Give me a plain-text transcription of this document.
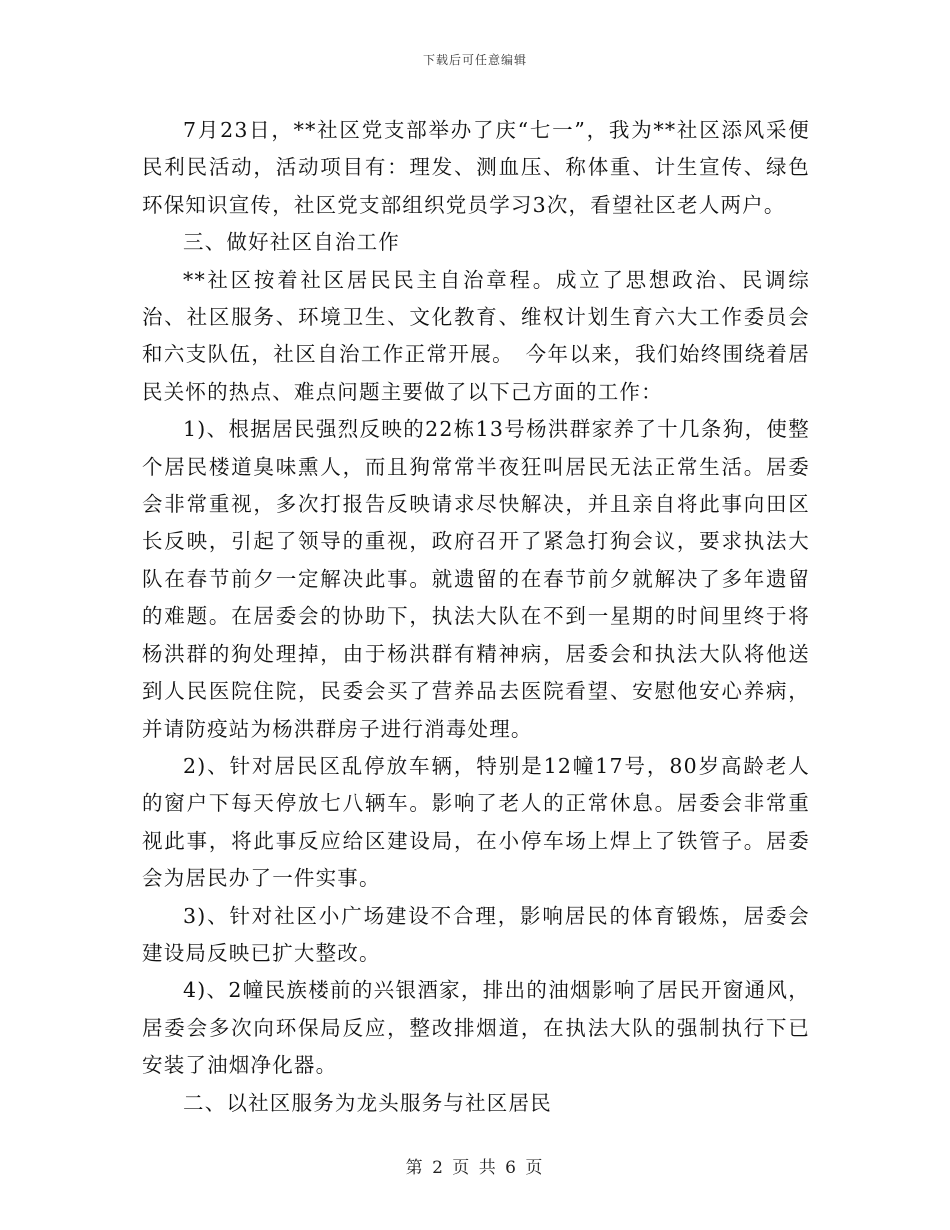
下载后可任意编辑

7月23日，**社区党支部举办了庆“七一”，我为**社区添风采便民利民活动，活动项目有：理发、测血压、称体重、计生宣传、绿色环保知识宣传，社区党支部组织党员学习3次，看望社区老人两户。

三、做好社区自治工作

**社区按着社区居民民主自治章程。成立了思想政治、民调综治、社区服务、环境卫生、文化教育、维权计划生育六大工作委员会和六支队伍，社区自治工作正常开展。　今年以来，我们始终围绕着居民关怀的热点、难点问题主要做了以下己方面的工作：

1)、根据居民强烈反映的22栋13号杨洪群家养了十几条狗，使整个居民楼道臭味熏人，而且狗常常半夜狂叫居民无法正常生活。居委会非常重视，多次打报告反映请求尽快解决，并且亲自将此事向田区长反映，引起了领导的重视，政府召开了紧急打狗会议，要求执法大队在春节前夕一定解决此事。就遗留的在春节前夕就解决了多年遗留的难题。在居委会的协助下，执法大队在不到一星期的时间里终于将杨洪群的狗处理掉，由于杨洪群有精神病，居委会和执法大队将他送到人民医院住院，民委会买了营养品去医院看望、安慰他安心养病，并请防疫站为杨洪群房子进行消毒处理。

2)、针对居民区乱停放车辆，特别是12幢17号，80岁高龄老人的窗户下每天停放七八辆车。影响了老人的正常休息。居委会非常重视此事，将此事反应给区建设局，在小停车场上焊上了铁管子。居委会为居民办了一件实事。

3)、针对社区小广场建设不合理，影响居民的体育锻炼，居委会建设局反映已扩大整改。

4)、2幢民族楼前的兴银酒家，排出的油烟影响了居民开窗通风，居委会多次向环保局反应，整改排烟道，在执法大队的强制执行下已安装了油烟净化器。

二、以社区服务为龙头服务与社区居民

第 2 页 共 6 页
